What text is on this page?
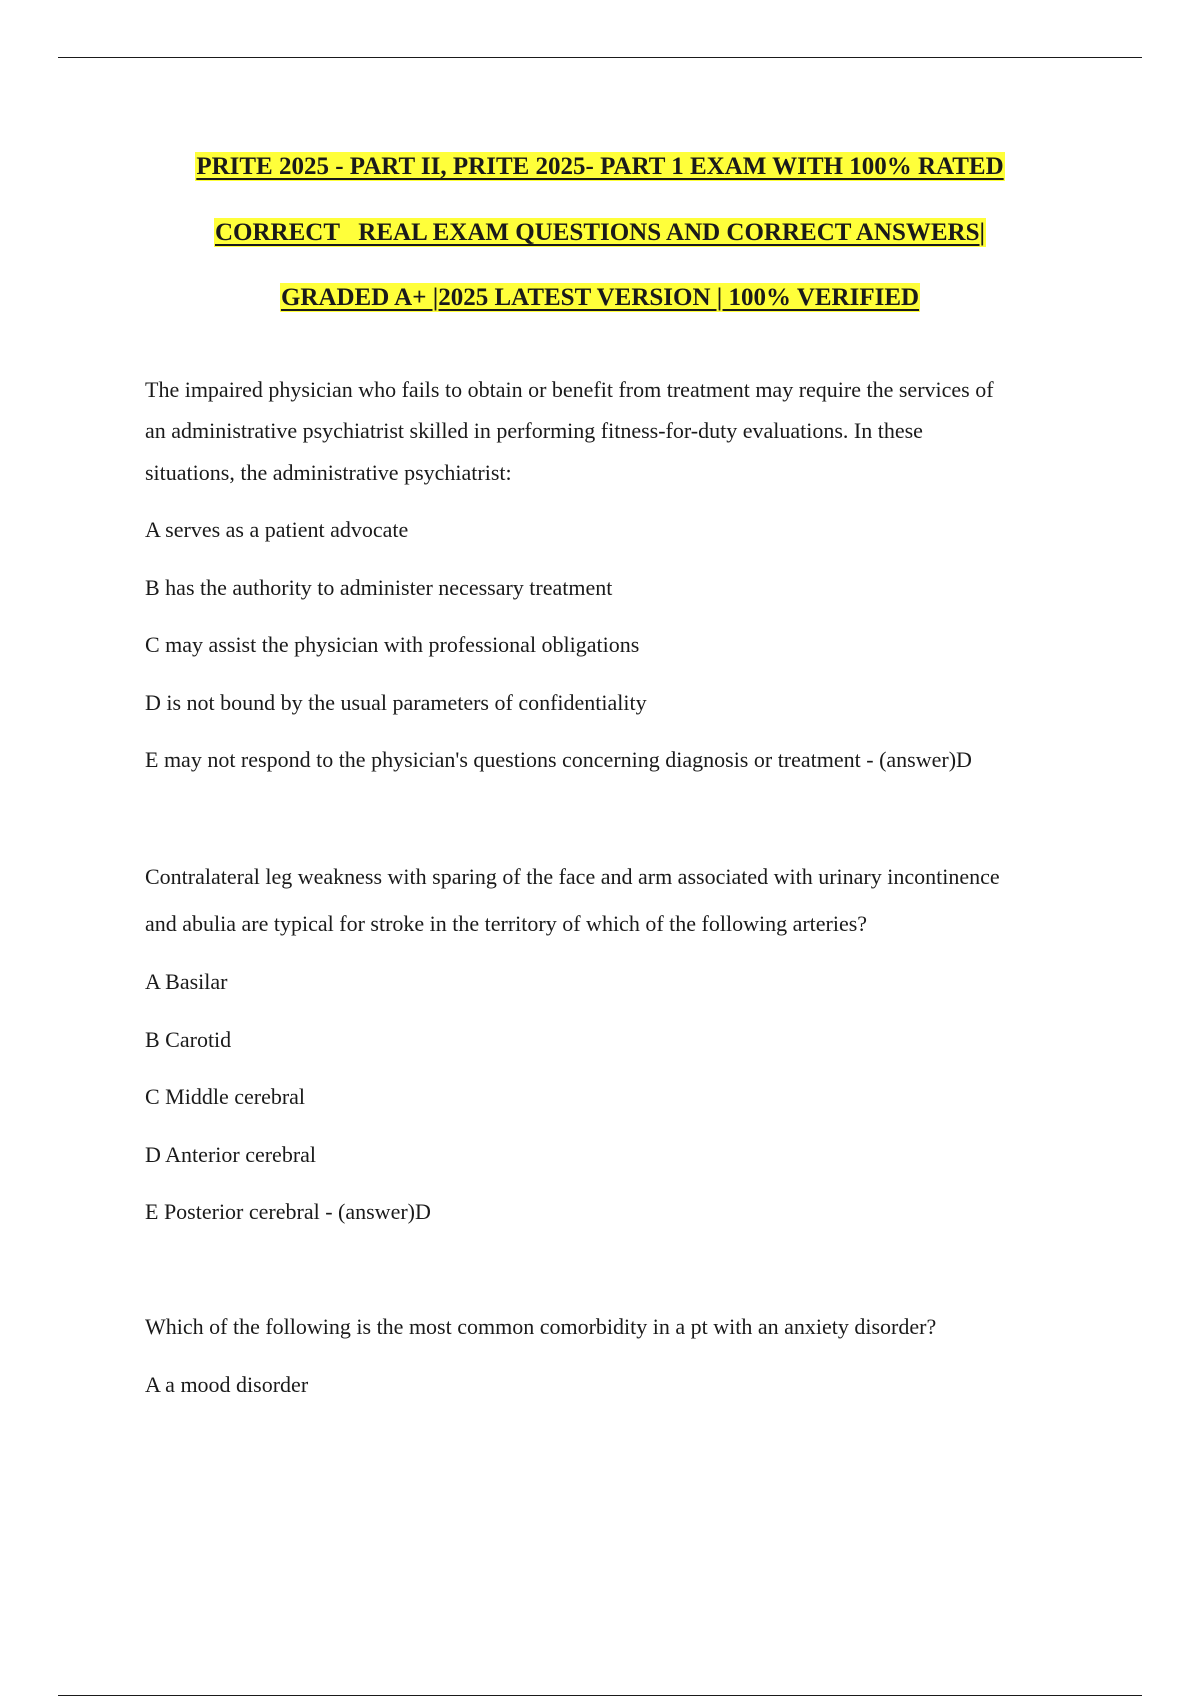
PRITE 2025 - PART II, PRITE 2025- PART 1 EXAM WITH 100% RATED
CORRECT   REAL EXAM QUESTIONS AND CORRECT ANSWERS|
GRADED A+ |2025 LATEST VERSION | 100% VERIFIED
The impaired physician who fails to obtain or benefit from treatment may require the services of
an administrative psychiatrist skilled in performing fitness-for-duty evaluations. In these
situations, the administrative psychiatrist:
A serves as a patient advocate
B has the authority to administer necessary treatment
C may assist the physician with professional obligations
D is not bound by the usual parameters of confidentiality
E may not respond to the physician's questions concerning diagnosis or treatment - (answer)D
Contralateral leg weakness with sparing of the face and arm associated with urinary incontinence
and abulia are typical for stroke in the territory of which of the following arteries?
A Basilar
B Carotid
C Middle cerebral
D Anterior cerebral
E Posterior cerebral - (answer)D
Which of the following is the most common comorbidity in a pt with an anxiety disorder?
A a mood disorder
